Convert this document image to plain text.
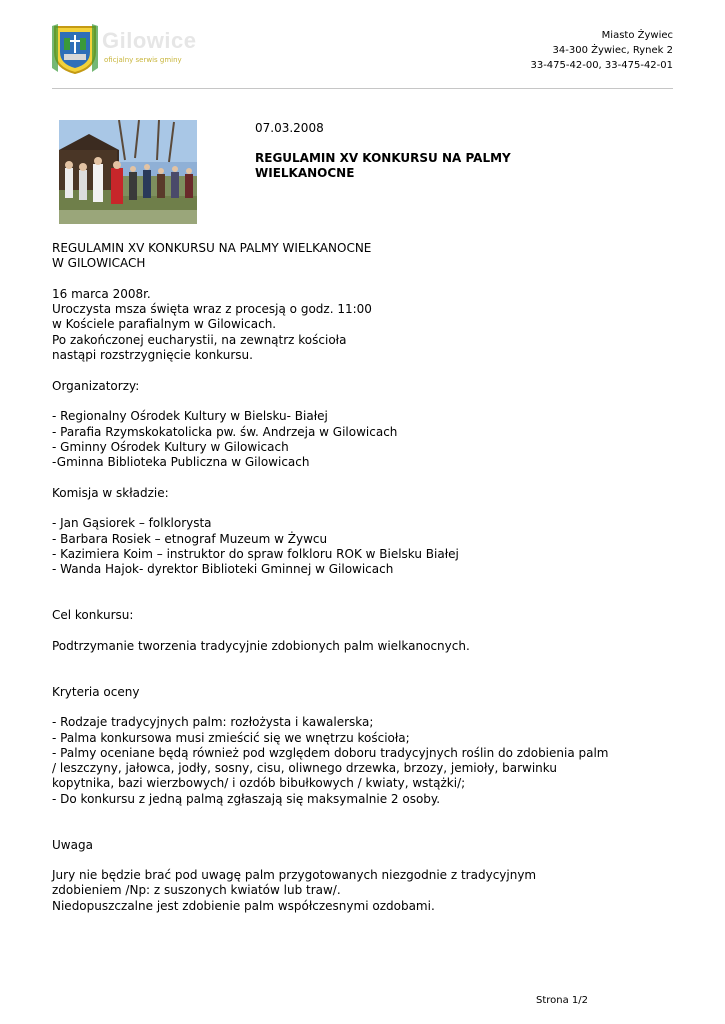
Gilowice
oficjalny serwis gminy
Miasto Żywiec
34-300 Żywiec, Rynek 2
33-475-42-00, 33-475-42-01
07.03.2008
REGULAMIN XV KONKURSU NA PALMY WIELKANOCNE

REGULAMIN XV KONKURSU NA PALMY WIELKANOCNE

W GILOWICACH

16 marca 2008r.

Uroczysta msza święta wraz z procesją o godz. 11:00

w Kościele parafialnym w Gilowicach.

Po zakończonej eucharystii, na zewnątrz kościoła

nastąpi rozstrzygnięcie konkursu.

Organizatorzy:

- Regionalny Ośrodek Kultury w Bielsku- Białej

- Parafia Rzymskokatolicka pw. św. Andrzeja w Gilowicach

- Gminny Ośrodek Kultury w Gilowicach

-Gminna Biblioteka Publiczna w Gilowicach

Komisja w składzie:

- Jan Gąsiorek – folklorysta

- Barbara Rosiek – etnograf Muzeum w Żywcu

- Kazimiera Koim – instruktor do spraw folkloru ROK w Bielsku Białej

- Wanda Hajok- dyrektor Biblioteki Gminnej w Gilowicach

Cel konkursu:

Podtrzymanie tworzenia tradycyjnie zdobionych palm wielkanocnych.

Kryteria oceny

- Rodzaje tradycyjnych palm: rozłożysta i kawalerska;

- Palma konkursowa musi zmieścić się we wnętrzu kościoła;

- Palmy oceniane będą również pod względem doboru tradycyjnych roślin do zdobienia palm

/ leszczyny, jałowca, jodły, sosny, cisu, oliwnego drzewka, brzozy, jemioły, barwinku

kopytnika, bazi wierzbowych/ i ozdób bibułkowych / kwiaty, wstążki/;

- Do konkursu z jedną palmą zgłaszają się maksymalnie 2 osoby.

Uwaga

Jury nie będzie brać pod uwagę palm przygotowanych niezgodnie z tradycyjnym

zdobieniem /Np: z suszonych kwiatów lub traw/.

Niedopuszczalne jest zdobienie palm współczesnymi ozdobami.

Strona 1/2
